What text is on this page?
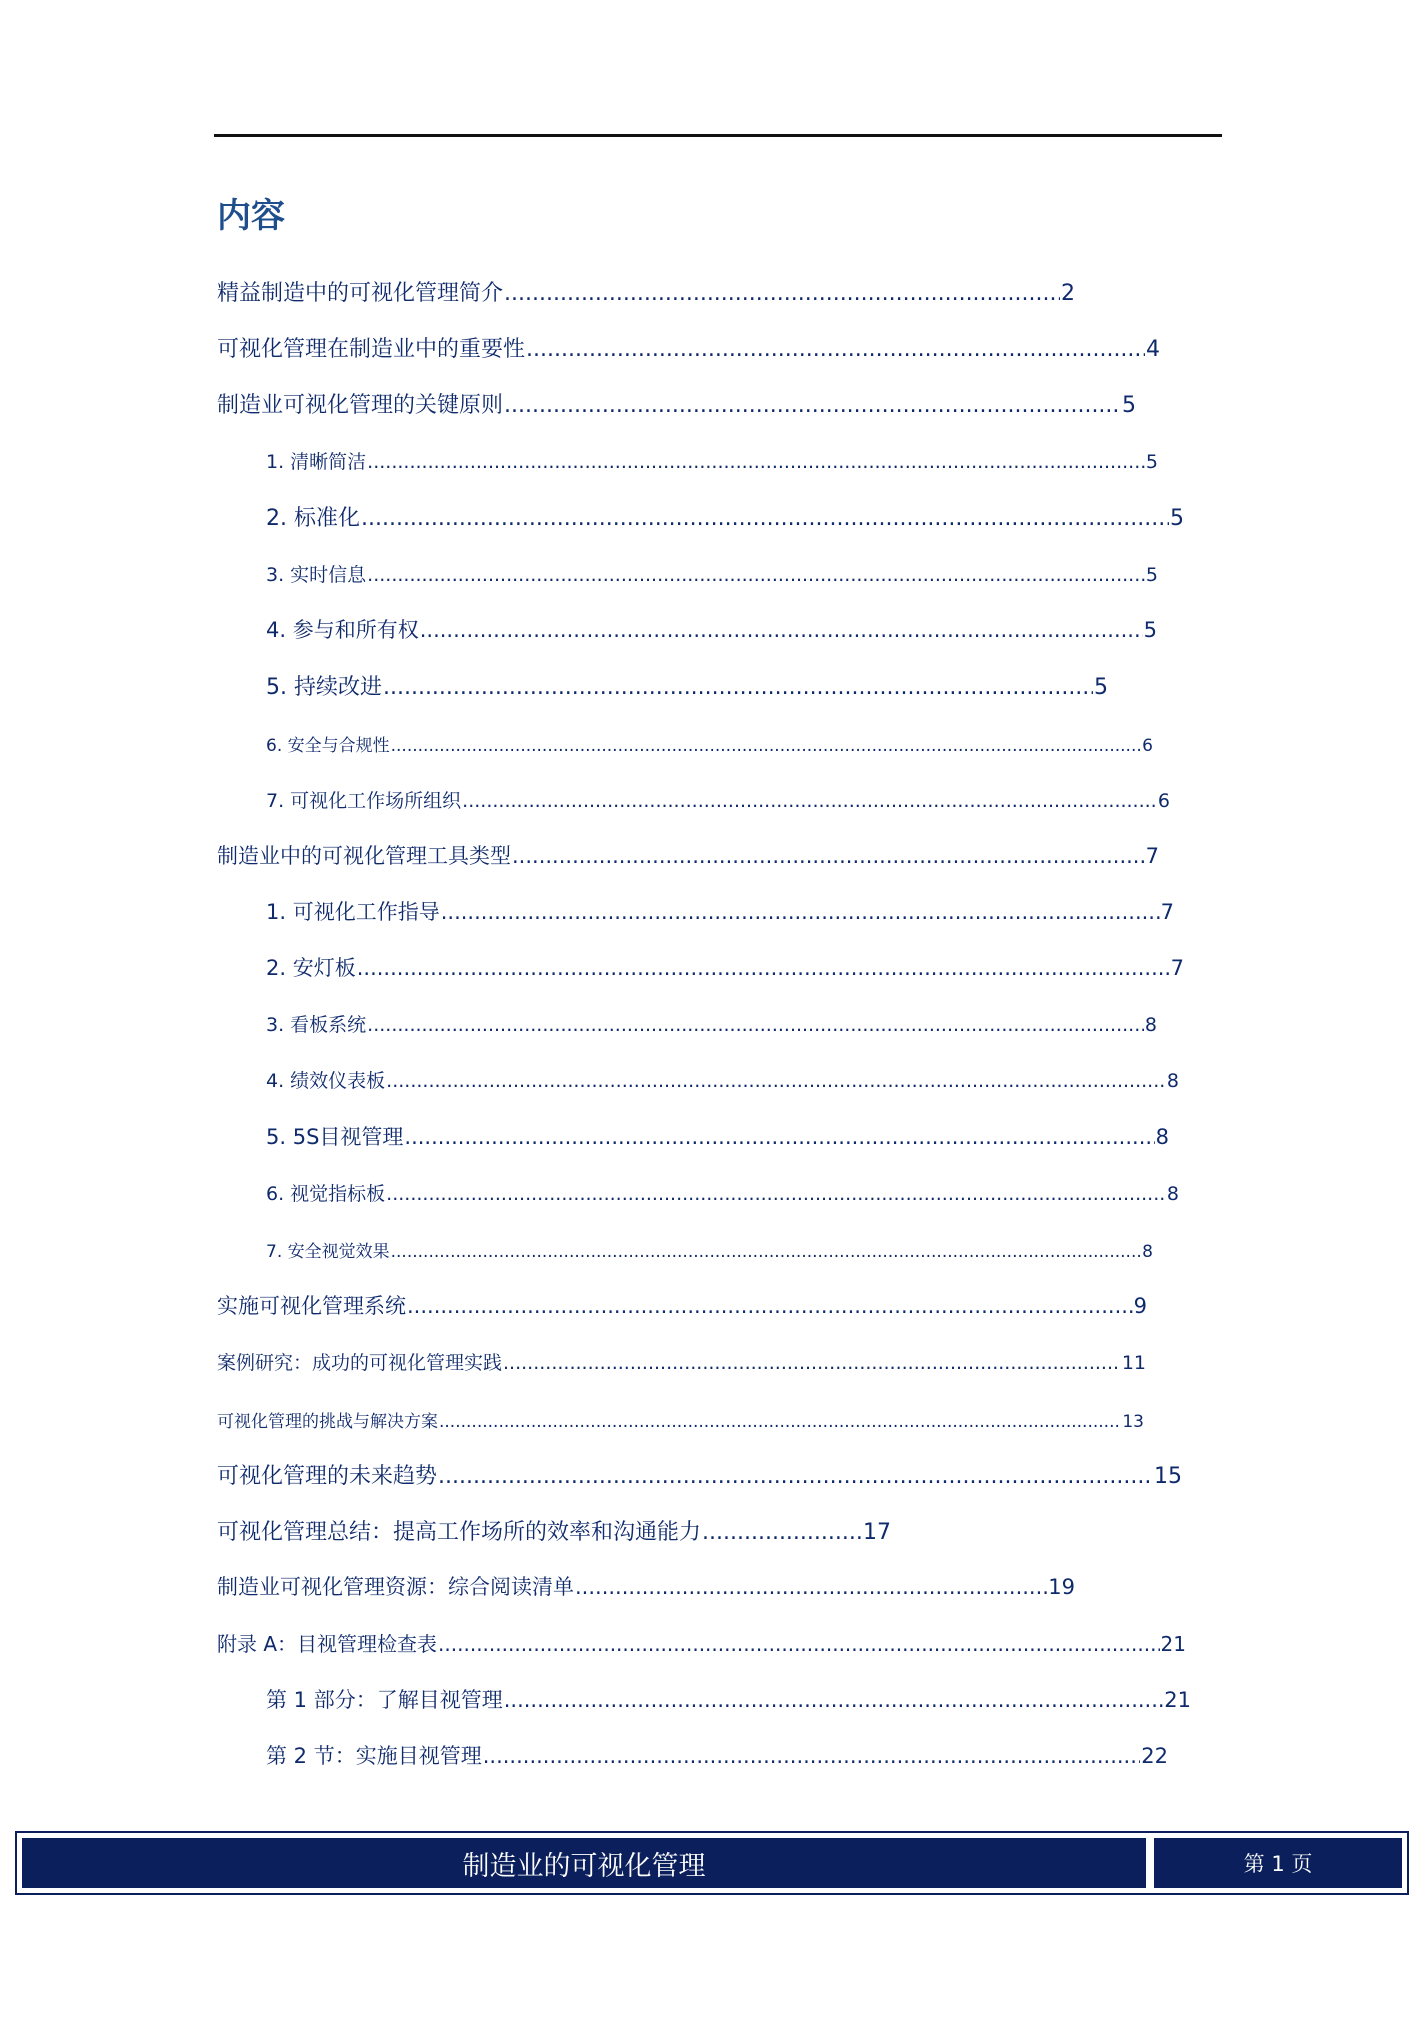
内容
精益制造中的可视化管理简介 .....	2
可视化管理在制造业中的重要性 .....	4
制造业可视化管理的关键原则 .....	5
1. 清晰简洁 .....	5
2. 标准化 .....	5
3. 实时信息 .....	5
4. 参与和所有权 .....	5
5. 持续改进 .....	5
6. 安全与合规性 .....	6
7. 可视化工作场所组织 .....	6
制造业中的可视化管理工具类型 .....	7
1. 可视化工作指导 .....	7
2. 安灯板 .....	7
3. 看板系统 .....	8
4. 绩效仪表板 .....	8
5. 5S目视管理 .....	8
6. 视觉指标板 .....	8
7. 安全视觉效果 .....	8
实施可视化管理系统 .....	9
案例研究：成功的可视化管理实践 .....	11
可视化管理的挑战与解决方案 .....	13
可视化管理的未来趋势 .....	15
可视化管理总结：提高工作场所的效率和沟通能力 .....	17
制造业可视化管理资源：综合阅读清单 .....	19
附录 A：目视管理检查表 .....	21
第 1 部分：了解目视管理 .....	21
第 2 节：实施目视管理 .....	22
制造业的可视化管理	第 1 页
